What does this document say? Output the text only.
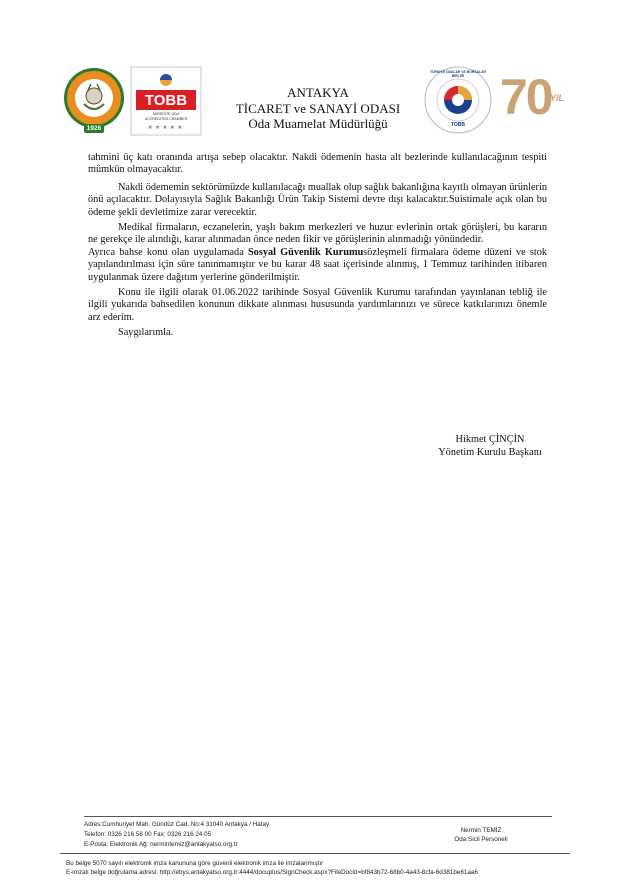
1926
TOBB
AKREDİTE ODA
ACCREDITED CHAMBER
★★★★★
ANTAKYA
TİCARET ve SANAYİ ODASI
Oda Muamelat Müdürlüğü
TÜRKİYE ODALAR VE BORSALAR BİRLİĞİ
TOBB 70
YIL

tahmini üç katı oranında artışa sebep olacaktır. Nakdi ödemenin hasta alt bezlerinde kullanılacağının tespiti mümkün olmayacaktır.

Nakdi ödememin sektörümüzde kullanılacağı muallak olup sağlık bakanlığına kayıtlı olmayan ürünlerin önü açılacaktır. Dolayısıyla Sağlık Bakanlığı Ürün Takip Sistemi devre dışı kalacaktır.Suistimale açık olan bu ödeme şekli devletimize zarar verecektir.

Medikal firmaların, eczanelerin, yaşlı bakım merkezleri ve huzur evlerinin ortak görüşleri, bu kararın ne gerekçe ile alındığı, karar alınmadan önce neden fikir ve görüşlerinin alınmadığı yönündedir.

Ayrıca bahse konu olan uygulamada Sosyal Güvenlik Kurumusözleşmeli firmalara ödeme düzeni ve stok yapılandırılması için süre tanınmamıştır ve bu karar 48 saat içerisinde alınmış, 1 Temmuz tarihinden itibaren uygulanmak üzere dağıtım yerlerine gönderilmiştir.

Konu ile ilgili olarak 01.06.2022 tarihinde Sosyal Güvenlik Kurumu tarafından yayınlanan tebliğ ile ilgili yukarıda bahsedilen konunun dikkate alınması hususunda yardımlarınızı ve sürece katkılarınızı önemle arz ederim.

Saygılarımla.

Hikmet ÇİNÇİN
Yönetim Kurulu Başkanı
Adres:Cumhuriyet Mah. Gündüz Cad. No:4 31040 Antakya / Hatay
Telefon: 0326 216 58 00 Fax: 0326 216 24 05
E-Posta: Elektronik Ağ: nermintemiz@antakyatso.org.tr
Nermin TEMİZ
Oda Sicil Personeli
Bu belge 5070 sayılı elektronik imza kanununa göre güvenli elektronik imza ile imzalanmıştır
E-imzalı belge doğrulama adresi: http://ebys.antakyatso.org.tr:4444/docuplus/SignCheck.aspx?FileDocId=bf843b72-68b0-4a43-8cfa-6d381be61aa6
